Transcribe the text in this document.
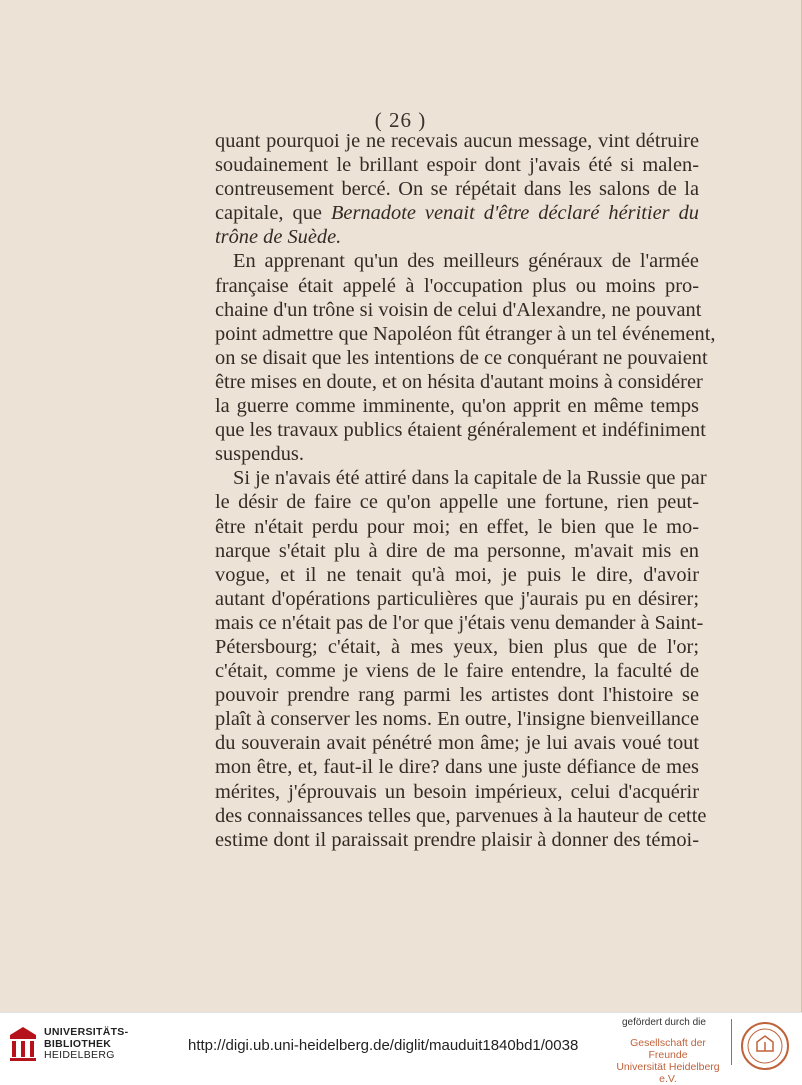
( 26 )
quant pourquoi je ne recevais aucun message, vint détruire
soudainement le brillant espoir dont j'avais été si malen-
contreusement bercé. On se répétait dans les salons de la
capitale, que Bernadote venait d'être déclaré héritier du
trône de Suède.
En apprenant qu'un des meilleurs généraux de l'armée
française était appelé à l'occupation plus ou moins pro-
chaine d'un trône si voisin de celui d'Alexandre, ne pouvant
point admettre que Napoléon fût étranger à un tel événement,
on se disait que les intentions de ce conquérant ne pouvaient
être mises en doute, et on hésita d'autant moins à considérer
la guerre comme imminente, qu'on apprit en même temps
que les travaux publics étaient généralement et indéfiniment
suspendus.
Si je n'avais été attiré dans la capitale de la Russie que par
le désir de faire ce qu'on appelle une fortune, rien peut-
être n'était perdu pour moi; en effet, le bien que le mo-
narque s'était plu à dire de ma personne, m'avait mis en
vogue, et il ne tenait qu'à moi, je puis le dire, d'avoir
autant d'opérations particulières que j'aurais pu en désirer;
mais ce n'était pas de l'or que j'étais venu demander à Saint-
Pétersbourg; c'était, à mes yeux, bien plus que de l'or;
c'était, comme je viens de le faire entendre, la faculté de
pouvoir prendre rang parmi les artistes dont l'histoire se
plaît à conserver les noms. En outre, l'insigne bienveillance
du souverain avait pénétré mon âme; je lui avais voué tout
mon être, et, faut-il le dire? dans une juste défiance de mes
mérites, j'éprouvais un besoin impérieux, celui d'acquérir
des connaissances telles que, parvenues à la hauteur de cette
estime dont il paraissait prendre plaisir à donner des témoi-
UNIVERSITÄTS-
BIBLIOTHEK
HEIDELBERG
http://digi.ub.uni-heidelberg.de/diglit/mauduit1840bd1/0038
gefördert durch die
Gesellschaft der Freunde
Universität Heidelberg e.V.
